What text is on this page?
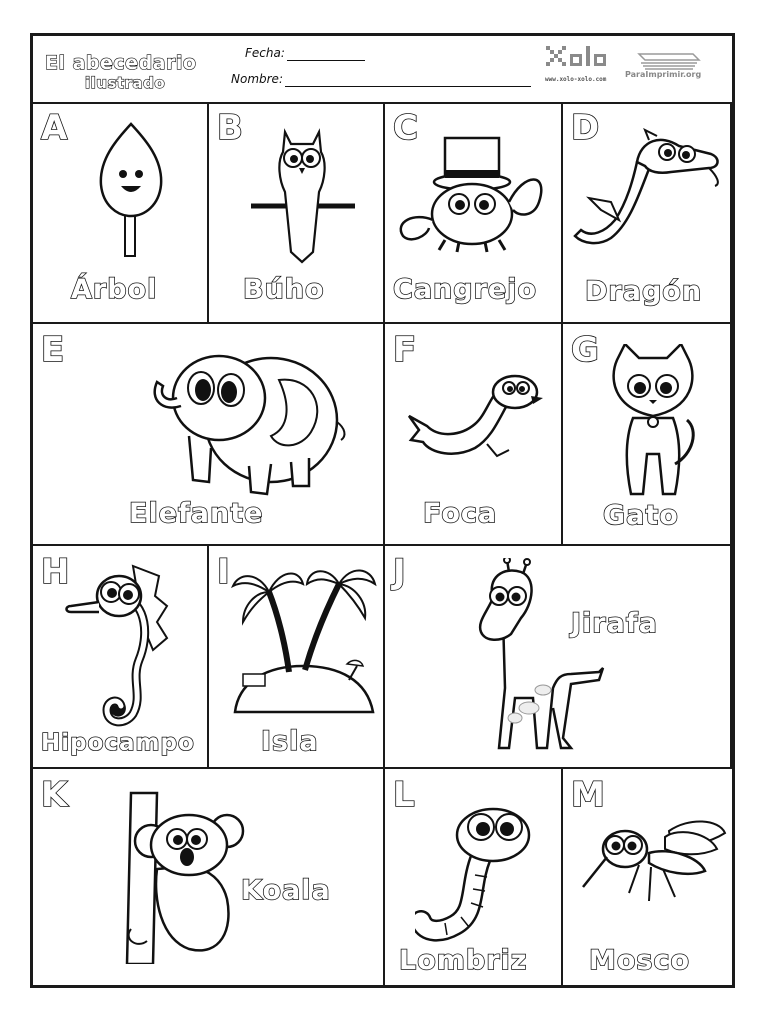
El abecedario
ilustrado
Fecha:
Nombre:	www.xolo-xolo.com
ParaImprimir.org
A
Árbol
B
Búho
C
Cangrejo
D
Dragón
E
Elefante
F
Foca
G
Gato
H
Hipocampo
I
Isla
J
Jirafa
K
Koala
L
Lombriz
M
Mosco
